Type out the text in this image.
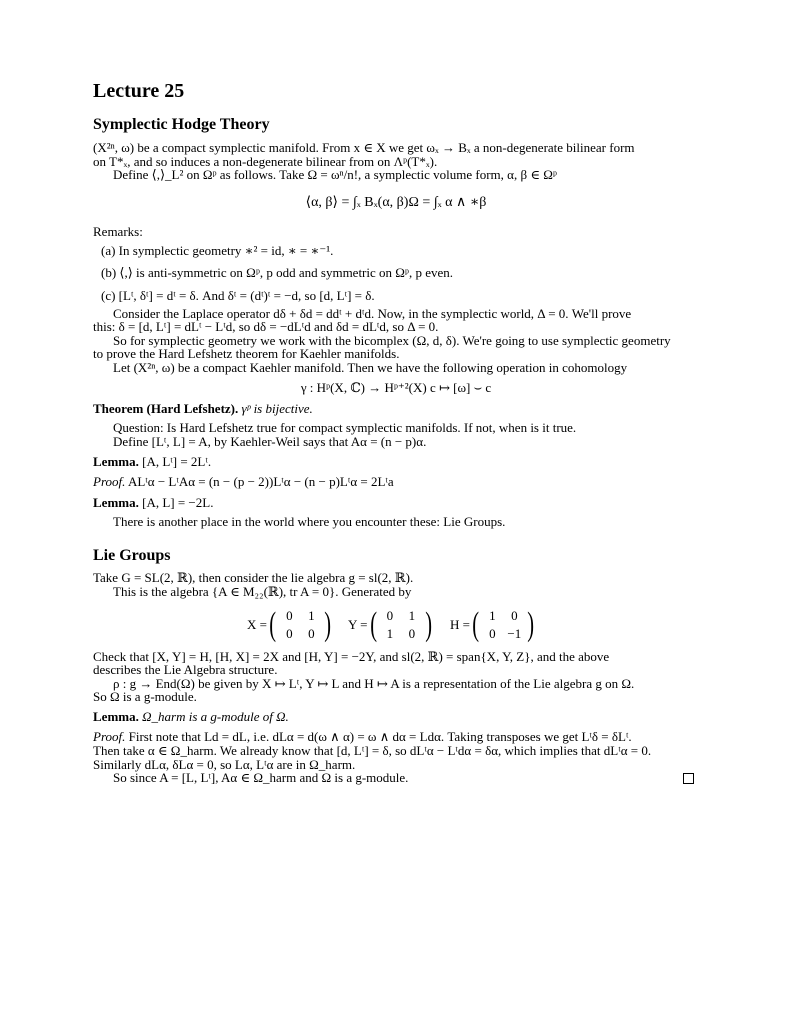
Lecture 25
Symplectic Hodge Theory
(X²ⁿ, ω) be a compact symplectic manifold. From x ∈ X we get ωₓ → Bₓ a non-degenerate bilinear form
on T*ₓ, and so induces a non-degenerate bilinear from on Λᵖ(T*ₓ).
Define ⟨,⟩_L² on Ωᵖ as follows. Take Ω = ωⁿ/n!, a symplectic volume form, α, β ∈ Ωᵖ
⟨α, β⟩ = ∫ₓ Bₓ(α, β)Ω = ∫ₓ α ∧ ∗β
Remarks:
(a) In symplectic geometry ∗² = id, ∗ = ∗⁻¹.
(b) ⟨,⟩ is anti-symmetric on Ωᵖ, p odd and symmetric on Ωᵖ, p even.
(c) [Lᵗ, δᵗ] = dᵗ = δ. And δᵗ = (dᵗ)ᵗ = −d, so [d, Lᵗ] = δ.
Consider the Laplace operator dδ + δd = ddᵗ + dᵗd. Now, in the symplectic world, Δ = 0. We'll prove
this: δ = [d, Lᵗ] = dLᵗ − Lᵗd, so dδ = −dLᵗd and δd = dLᵗd, so Δ = 0.
So for symplectic geometry we work with the bicomplex (Ω, d, δ). We're going to use symplectic geometry
to prove the Hard Lefshetz theorem for Kaehler manifolds.
Let (X²ⁿ, ω) be a compact Kaehler manifold. Then we have the following operation in cohomology
γ : Hᵖ(X, ℂ) → Hᵖ⁺²(X) c ↦ [ω] ⌣ c
Theorem (Hard Lefshetz). γᵖ is bijective.
Question: Is Hard Lefshetz true for compact symplectic manifolds. If not, when is it true.
Define [Lᵗ, L] = A, by Kaehler-Weil says that Aα = (n − p)α.
Lemma. [A, Lᵗ] = 2Lᵗ.
Proof. ALᵗα − LᵗAα = (n − (p − 2))Lᵗα − (n − p)Lᵗα = 2Lᵗa
Lemma. [A, L] = −2L.
There is another place in the world where you encounter these: Lie Groups.
Lie Groups
Take G = SL(2, ℝ), then consider the lie algebra g = sl(2, ℝ).
This is the algebra {A ∈ M₂₂(ℝ), tr A = 0}. Generated by
X = ( 0	1
0	0 ) Y = ( 0	1
1	0 ) H = ( 1	0
0 −1 )
Check that [X, Y] = H, [H, X] = 2X and [H, Y] = −2Y, and sl(2, ℝ) = span{X, Y, Z}, and the above
describes the Lie Algebra structure.
ρ : g → End(Ω) be given by X ↦ Lᵗ, Y ↦ L and H ↦ A is a representation of the Lie algebra g on Ω.
So Ω is a g-module.
Lemma. Ω_harm is a g-module of Ω.
Proof. First note that Ld = dL, i.e. dLα = d(ω ∧ α) = ω ∧ dα = Ldα. Taking transposes we get Lᵗδ = δLᵗ.
Then take α ∈ Ω_harm. We already know that [d, Lᵗ] = δ, so dLᵗα − Lᵗdα = δα, which implies that dLᵗα = 0.
Similarly dLα, δLα = 0, so Lα, Lᵗα are in Ω_harm.
So since A = [L, Lᵗ], Aα ∈ Ω_harm and Ω is a g-module.
